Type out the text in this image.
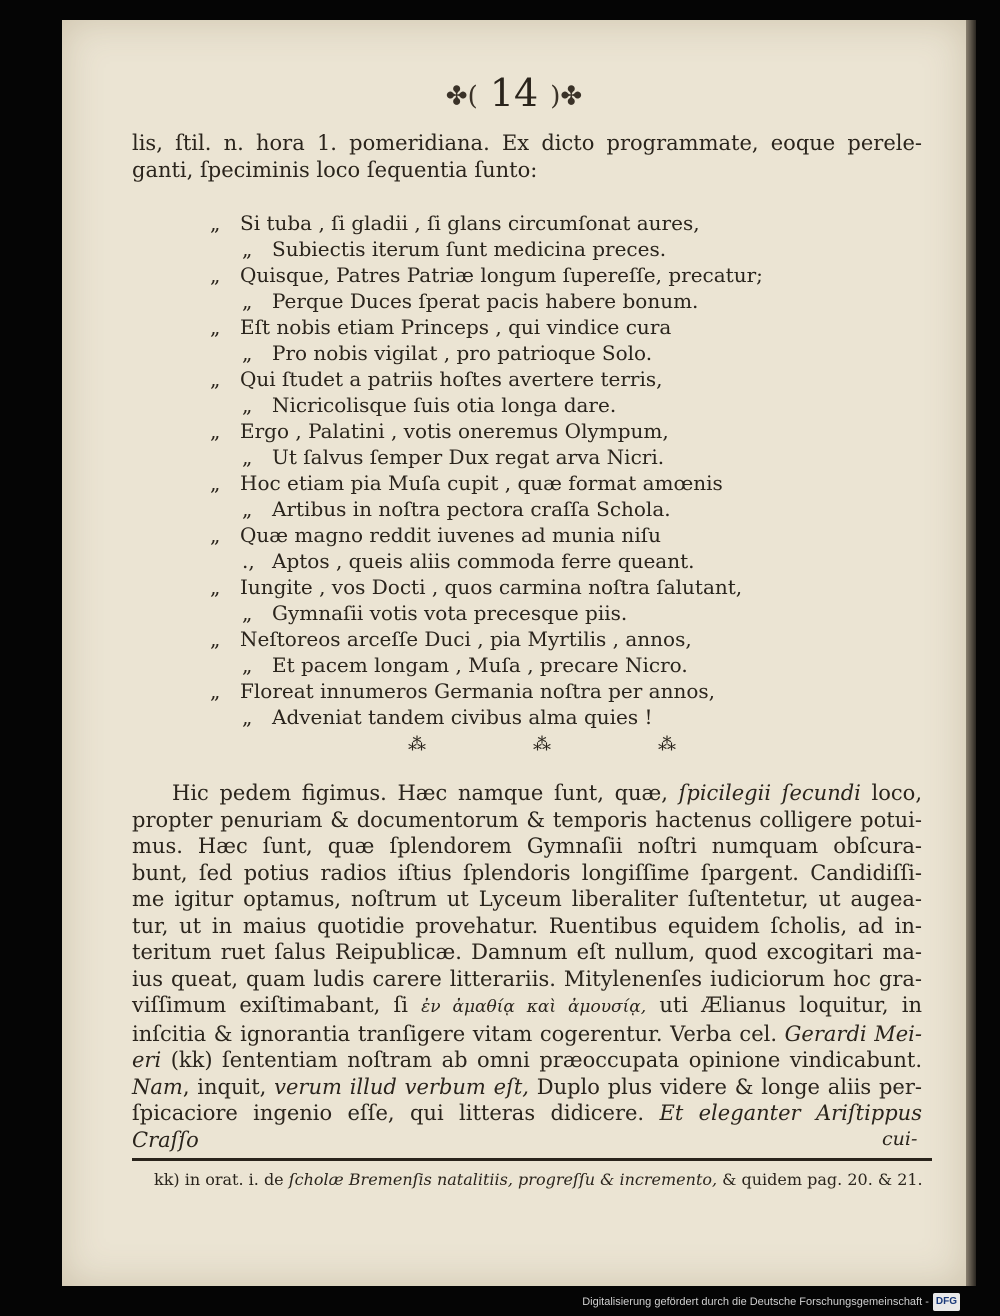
✤( 14 )✤
lis, ſtil. n. hora 1. pomeridiana. Ex dicto programmate, eoque perele-
ganti, ſpeciminis loco ſequentia ſunto:
„ Si tuba , ſi gladii , ſi glans circumſonat aures,
„ Subiectis iterum ſunt medicina preces.
„ Quisque, Patres Patriæ longum ſupereſſe, precatur;
„ Perque Duces ſperat pacis habere bonum.
„ Eſt nobis etiam Princeps , qui vindice cura
„ Pro nobis vigilat , pro patrioque Solo.
„ Qui ſtudet a patriis hoſtes avertere terris,
„ Nicricolisque ſuis otia longa dare.
„ Ergo , Palatini , votis oneremus Olympum,
„ Ut ſalvus ſemper Dux regat arva Nicri.
„ Hoc etiam pia Muſa cupit , quæ format amœnis
„ Artibus in noſtra pectora craſſa Schola.
„ Quæ magno reddit iuvenes ad munia niſu
., Aptos , queis aliis commoda ferre queant.
„ Iungite , vos Docti , quos carmina noſtra ſalutant,
„ Gymnaſii votis vota precesque piis.
„ Neſtoreos arceſſe Duci , pia Myrtilis , annos,
„ Et pacem longam , Muſa , precare Nicro.
„ Floreat innumeros Germania noſtra per annos,
„ Adveniat tandem civibus alma quies !
⁂	⁂	⁂

Hic pedem figimus. Hæc namque ſunt, quæ, ſpicilegii ſecundi loco,

propter penuriam & documentorum & temporis hactenus colligere potui-

mus. Hæc ſunt, quæ ſplendorem Gymnaſii noſtri numquam obſcura-

bunt, ſed potius radios iſtius ſplendoris longiſſime ſpargent. Candidiſſi-

me igitur optamus, noſtrum ut Lyceum liberaliter ſuſtentetur, ut augea-

tur, ut in maius quotidie provehatur. Ruentibus equidem ſcholis, ad in-

teritum ruet ſalus Reipublicæ. Damnum eſt nullum, quod excogitari ma-

ius queat, quam ludis carere litterariis. Mitylenenſes iudiciorum hoc gra-

viſſimum exiſtimabant, ſi ἐν ἀμαθίᾳ καὶ ἀμουσίᾳ, uti Ælianus loquitur, in

inſcitia & ignorantia tranſigere vitam cogerentur. Verba cel. Gerardi Mei-

eri (kk) ſententiam noſtram ab omni præoccupata opinione vindicabunt.

Nam, inquit, verum illud verbum eſt, Duplo plus videre & longe aliis per-

ſpicaciore ingenio eſſe, qui litteras didicere. Et eleganter Ariſtippus Craſſo	cui-
kk) in orat. i. de ſcholæ Bremenſis natalitiis, progreſſu & incremento, & quidem pag. 20. & 21.
Digitalisierung gefördert durch die Deutsche Forschungsgemeinschaft - DFG
